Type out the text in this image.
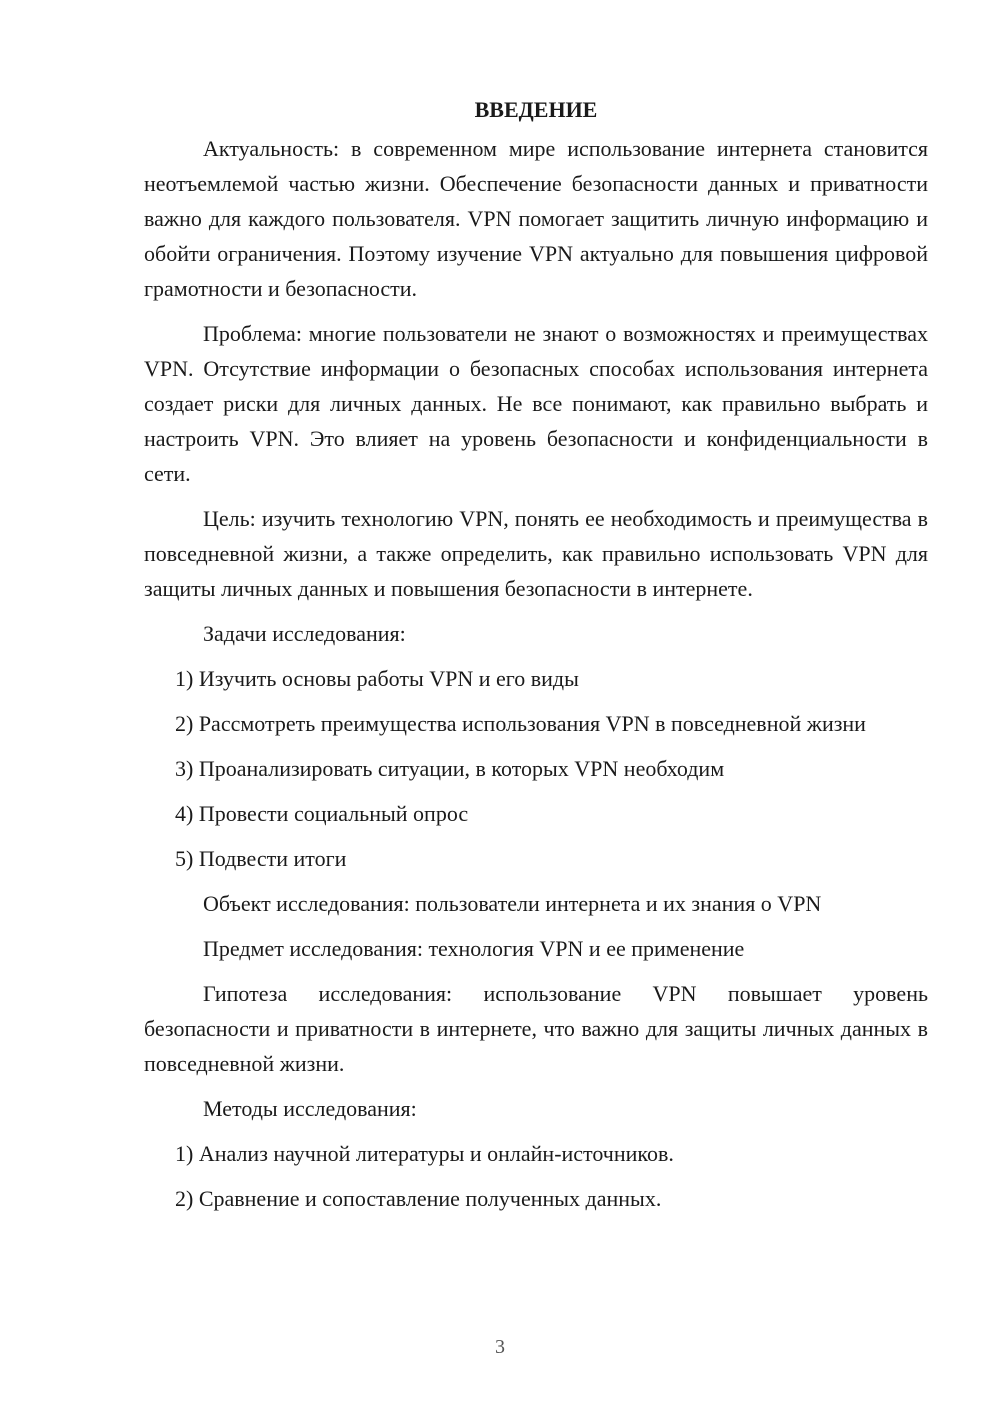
ВВЕДЕНИЕ

Актуальность: в современном мире использование интернета становится неотъемлемой частью жизни. Обеспечение безопасности данных и приватности важно для каждого пользователя. VPN помогает защитить личную информацию и обойти ограничения. Поэтому изучение VPN актуально для повышения цифровой грамотности и безопасности.

Проблема: многие пользователи не знают о возможностях и преимуществах VPN. Отсутствие информации о безопасных способах использования интернета создает риски для личных данных. Не все понимают, как правильно выбрать и настроить VPN. Это влияет на уровень безопасности и конфиденциальности в сети.

Цель: изучить технологию VPN, понять ее необходимость и преимущества в повседневной жизни, а также определить, как правильно использовать VPN для защиты личных данных и повышения безопасности в интернете.

Задачи исследования:

1) Изучить основы работы VPN и его виды

2) Рассмотреть преимущества использования VPN в повседневной жизни

3) Проанализировать ситуации, в которых VPN необходим

4) Провести социальный опрос

5) Подвести итоги

Объект исследования: пользователи интернета и их знания о VPN

Предмет исследования: технология VPN и ее применение

Гипотеза исследования: использование VPN повышает уровень безопасности и приватности в интернете, что важно для защиты личных данных в повседневной жизни.

Методы исследования:

1) Анализ научной литературы и онлайн-источников.

2) Сравнение и сопоставление полученных данных.

3
